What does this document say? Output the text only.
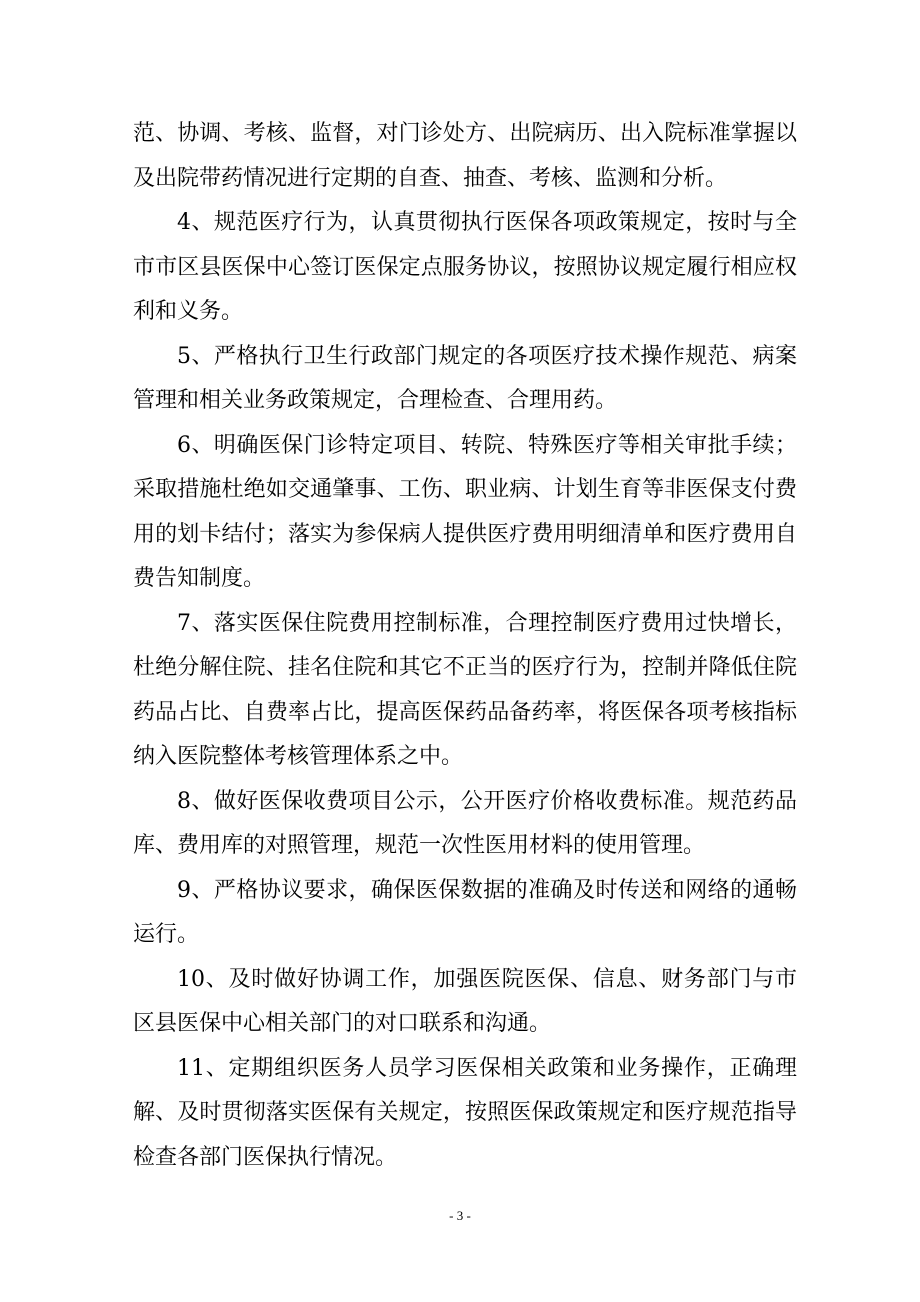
范、协调、考核、监督，对门诊处方、出院病历、出入院标准掌握以及出院带药情况进行定期的自查、抽查、考核、监测和分析。

4、规范医疗行为，认真贯彻执行医保各项政策规定，按时与全市市区县医保中心签订医保定点服务协议，按照协议规定履行相应权利和义务。

5、严格执行卫生行政部门规定的各项医疗技术操作规范、病案管理和相关业务政策规定，合理检查、合理用药。

6、明确医保门诊特定项目、转院、特殊医疗等相关审批手续；采取措施杜绝如交通肇事、工伤、职业病、计划生育等非医保支付费用的划卡结付；落实为参保病人提供医疗费用明细清单和医疗费用自费告知制度。

7、落实医保住院费用控制标准，合理控制医疗费用过快增长，杜绝分解住院、挂名住院和其它不正当的医疗行为，控制并降低住院药品占比、自费率占比，提高医保药品备药率，将医保各项考核指标纳入医院整体考核管理体系之中。

8、做好医保收费项目公示，公开医疗价格收费标准。规范药品库、费用库的对照管理，规范一次性医用材料的使用管理。

9、严格协议要求，确保医保数据的准确及时传送和网络的通畅运行。

10、及时做好协调工作，加强医院医保、信息、财务部门与市区县医保中心相关部门的对口联系和沟通。

11、定期组织医务人员学习医保相关政策和业务操作，正确理解、及时贯彻落实医保有关规定，按照医保政策规定和医疗规范指导检查各部门医保执行情况。

- 3 -
